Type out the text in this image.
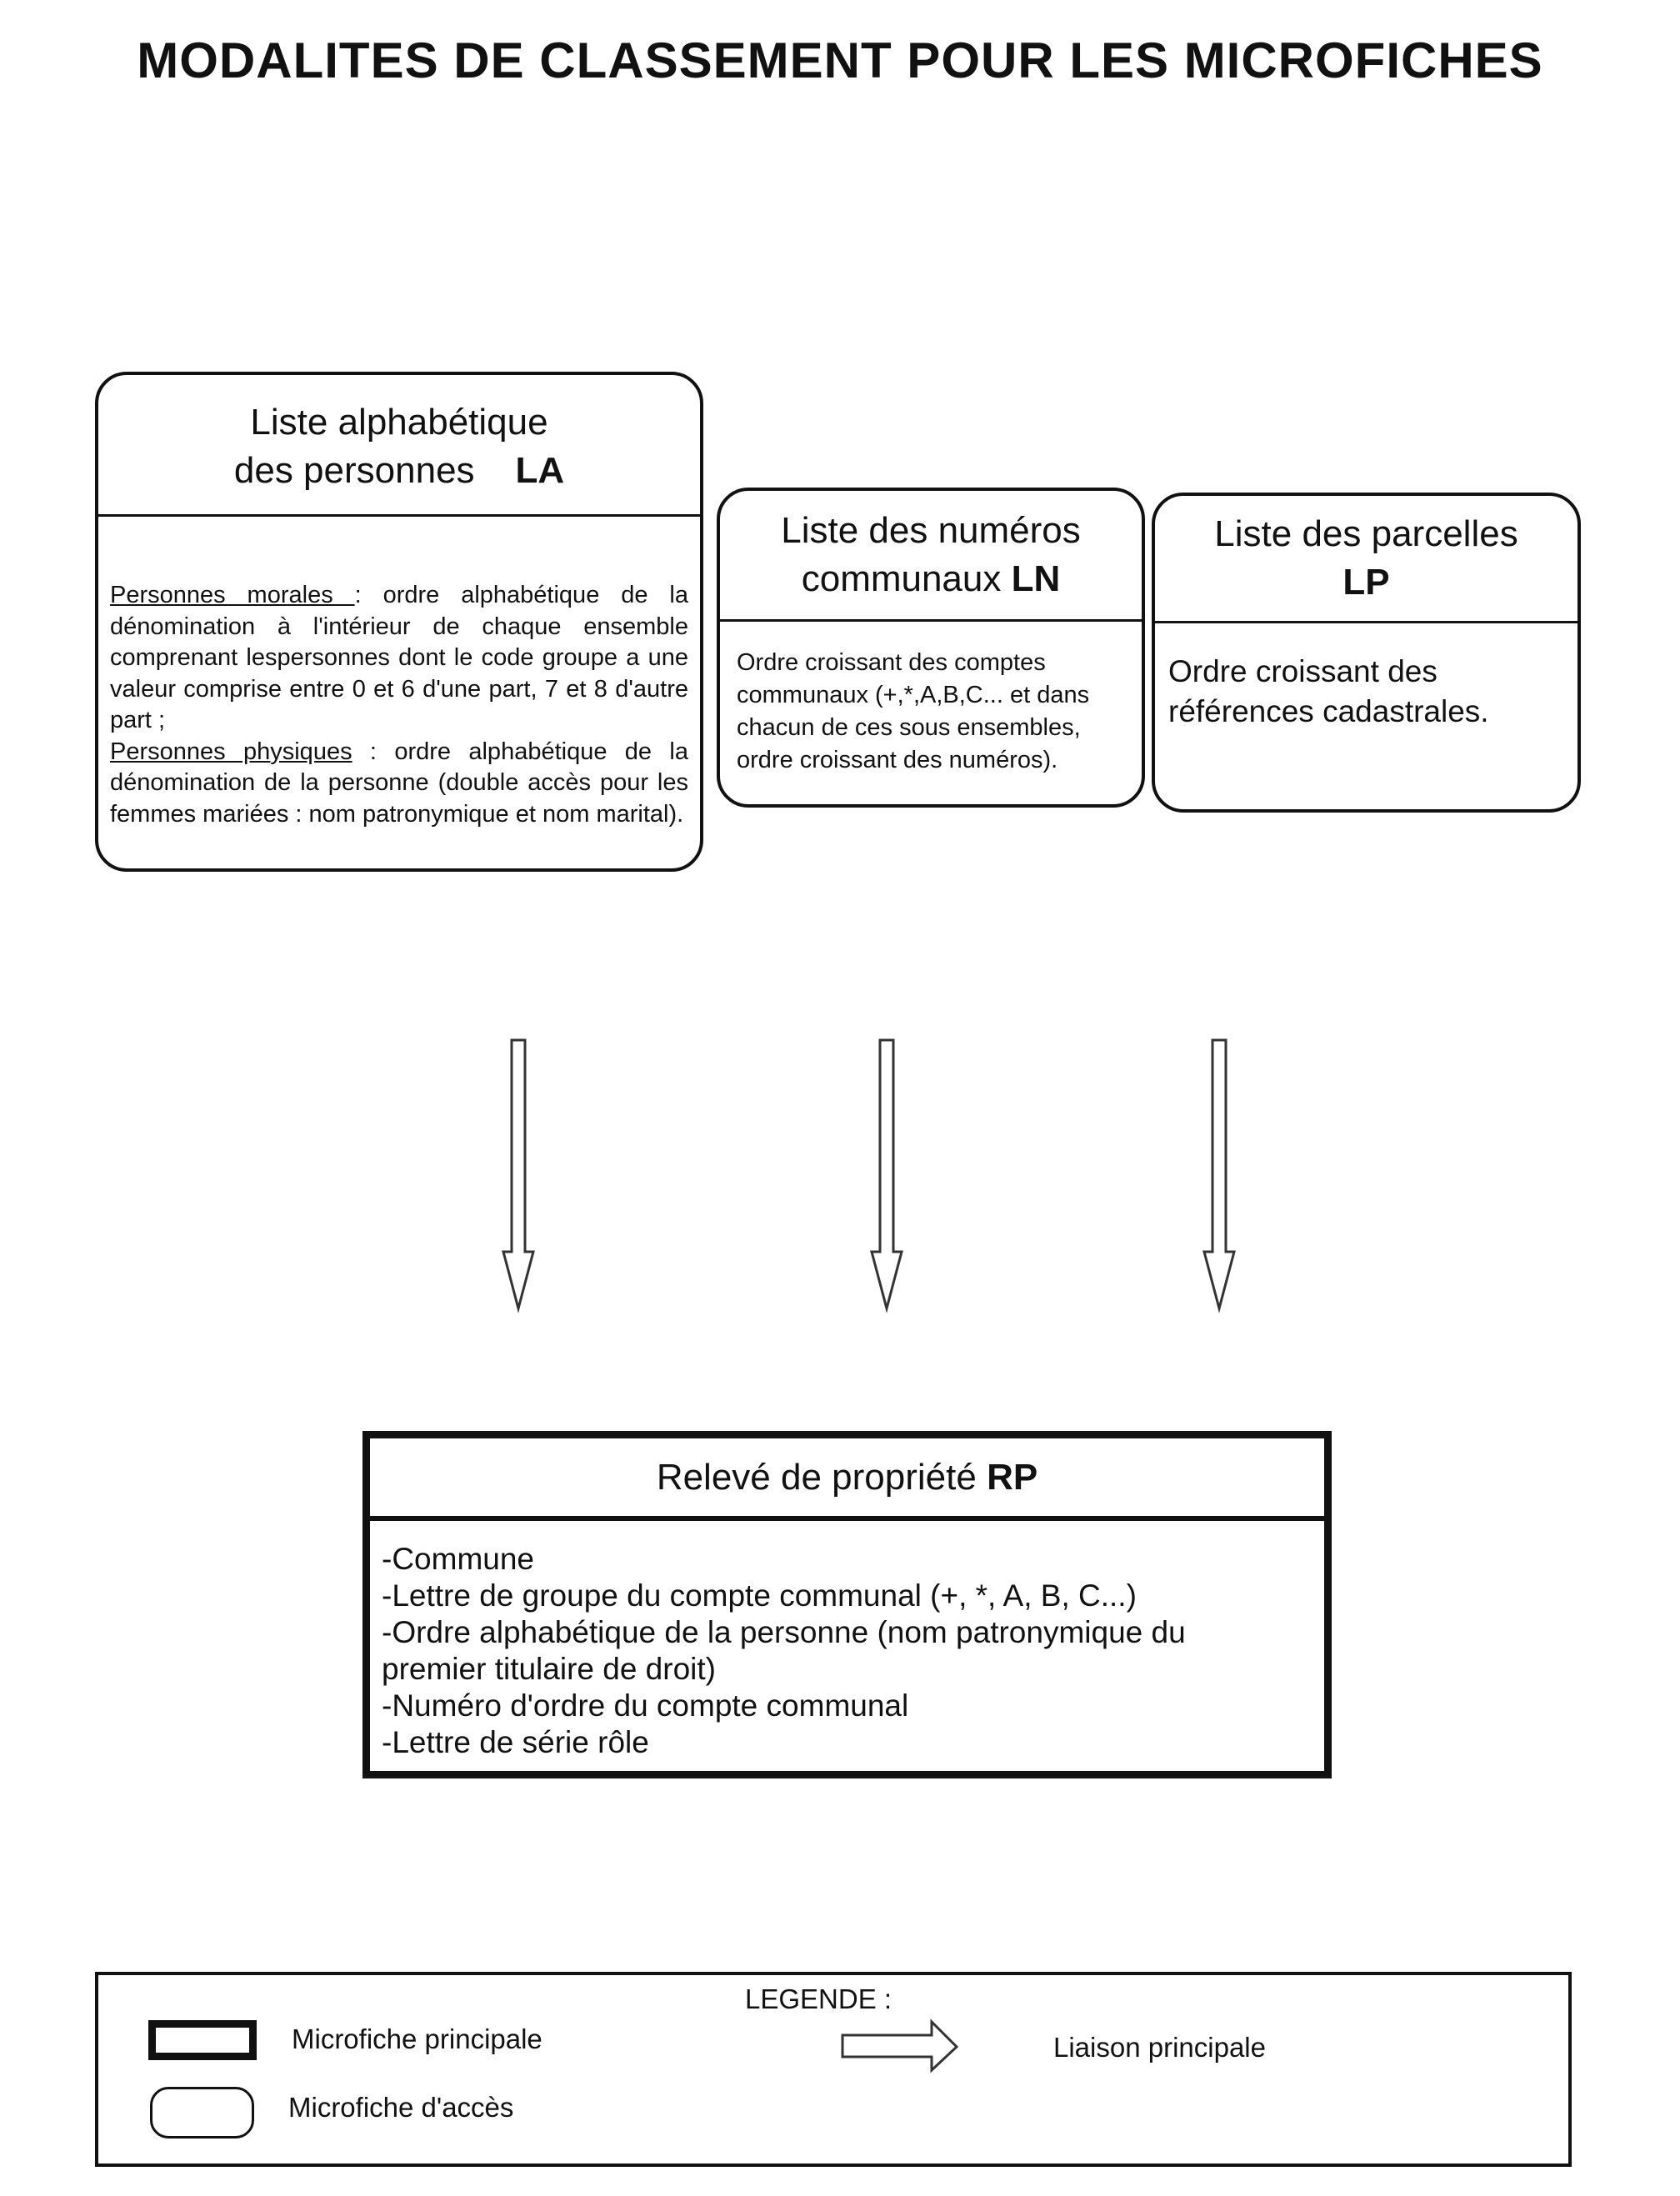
MODALITES DE CLASSEMENT POUR LES MICROFICHES
Liste alphabétique
des personnes LA
Personnes morales : ordre alphabétique de la dénomination à l'intérieur de chaque ensemble comprenant lespersonnes dont le code groupe a une valeur comprise entre 0 et 6 d'une part, 7 et 8 d'autre part ;
Personnes physiques : ordre alphabétique de la dénomination de la personne (double accès pour les femmes mariées : nom patronymique et nom marital).
Liste des numéros
communaux LN
Ordre croissant des comptes communaux (+,*,A,B,C... et dans chacun de ces sous ensembles, ordre croissant des numéros).
Liste des parcelles
LP
Ordre croissant des références cadastrales.
Relevé de propriété
RP
-Commune
-Lettre de groupe du compte communal (+, *, A, B, C...)
-Ordre alphabétique de la personne (nom patronymique du
premier titulaire de droit)
-Numéro d'ordre du compte communal
-Lettre de série rôle
LEGENDE :
Microfiche principale
Microfiche d'accès
Liaison principale
